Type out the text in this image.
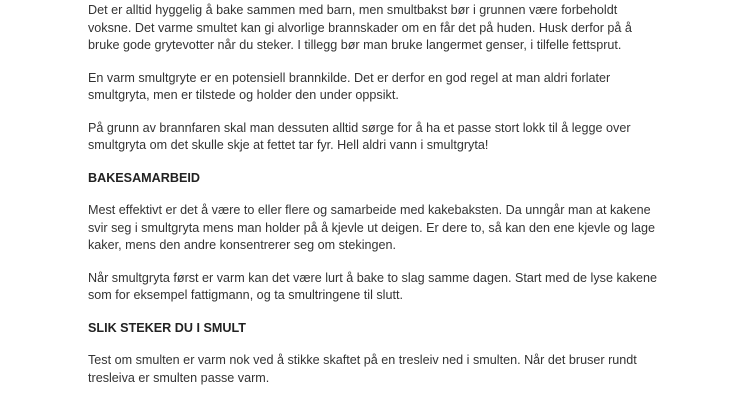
Det er alltid hyggelig å bake sammen med barn, men smultbakst bør i grunnen være forbeholdt
voksne. Det varme smultet kan gi alvorlige brannskader om en får det på huden. Husk derfor på å
bruke gode grytevotter når du steker. I tillegg bør man bruke langermet genser, i tilfelle fettsprut.

En varm smultgryte er en potensiell brannkilde. Det er derfor en god regel at man aldri forlater
smultgryta, men er tilstede og holder den under oppsikt.

På grunn av brannfaren skal man dessuten alltid sørge for å ha et passe stort lokk til å legge over
smultgryta om det skulle skje at fettet tar fyr. Hell aldri vann i smultgryta!

BAKESAMARBEID

Mest effektivt er det å være to eller flere og samarbeide med kakebaksten. Da unngår man at kakene
svir seg i smultgryta mens man holder på å kjevle ut deigen. Er dere to, så kan den ene kjevle og lage
kaker, mens den andre konsentrerer seg om stekingen.

Når smultgryta først er varm kan det være lurt å bake to slag samme dagen. Start med de lyse kakene
som for eksempel fattigmann, og ta smultringene til slutt.

SLIK STEKER DU I SMULT

Test om smulten er varm nok ved å stikke skaftet på en tresleiv ned i smulten. Når det bruser rundt
tresleiva er smulten passe varm.
